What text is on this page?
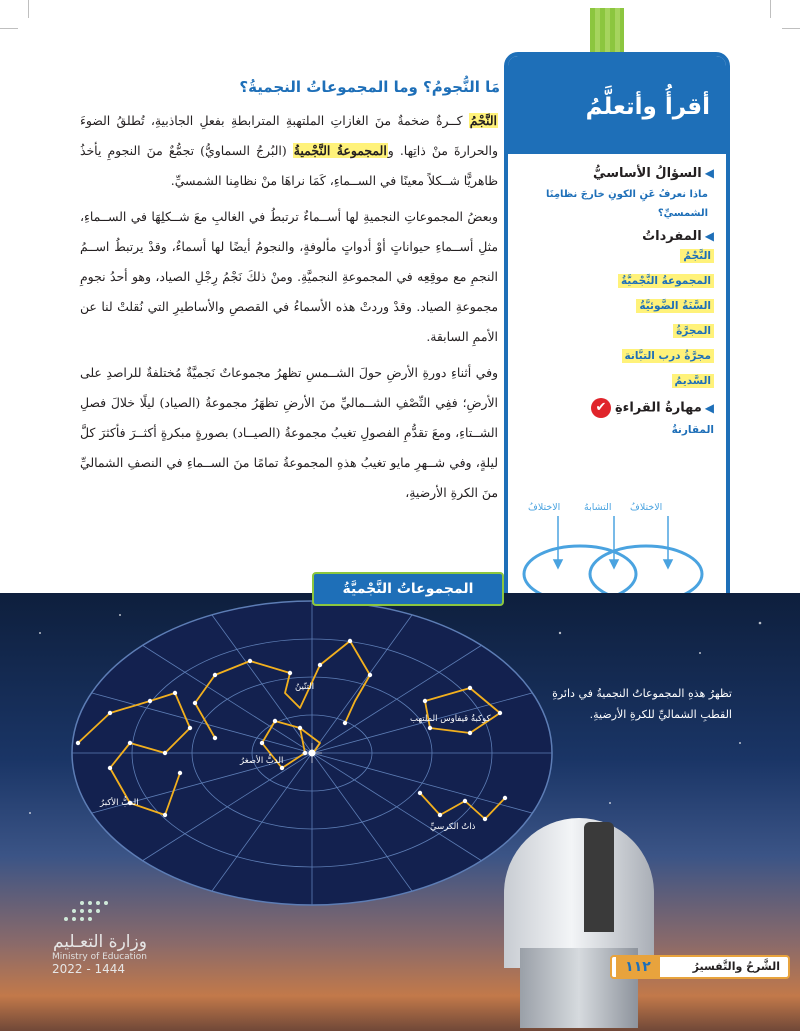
مَا النُّجومُ؟ وما المجموعاتُ النجميةُ؟

النَّجْمُ كــرةٌ ضخمةٌ منَ الغازاتِ الملتهبةِ المترابطةِ بفعلِ الجاذبيةِ، تُطلقُ الضوءَ والحرارةَ منْ ذاتِها. والمجموعةُ النَّجْميةُ (البُرجُ السماويُّ) تجمُّعٌ منَ النجومِ يأخذُ ظاهريًّا شــكلاً معينًا في الســماءِ، كَمَا نراهَا منْ نظامِنا الشمسيِّ.

وبعضُ المجموعاتِ النجميةِ لها أســماءٌ ترتبطُ في الغالبِ معَ شــكلِهَا في الســماءِ، مثلِ أســماءِ حيواناتٍ أوْ أدواتٍ مألوفةٍ، والنجومُ أيضًا لها أسماءٌ، وقدْ يرتبطُ اســمُ النجمِ مع موقِعِه في المجموعةِ النجميَّةِ. ومنْ ذلكَ نَجْمُ رِجْلِ الصياد، وهو أحدُ نجومِ مجموعةِ الصياد. وقدْ وردتْ هذه الأسماءُ في القصصِ والأساطيرِ التي نُقلتْ لنا عن الأممِ السابقة.

وفي أثناءِ دورةِ الأرضِ حولَ الشــمسِ تظهرُ مجموعاتٌ نَجميَّةٌ مُختلفةٌ للراصدِ على الأرضِ؛ ففِي النِّصْفِ الشــماليِّ منَ الأرضِ تظهَرُ مجموعةُ (الصياد) ليلًا خلالَ فصلِ الشــتاءِ، ومعَ تقدُّمِ الفصولِ تغيبُ مجموعةُ (الصيــاد) بصورةٍ مبكرةٍ أكثــرَ فأكثرَ كلَّ ليلةٍ، وفي شــهرِ مايو تغيبُ هذهِ المجموعةُ تمامًا منَ الســماءِ في النصفِ الشماليِّ منَ الكرةِ الأرضيةِ،

أقرأُ وأتعلَّمُ
◀السؤالُ الأساسيُّ
ماذا نعرفُ عَنِ الكونِ خارجَ نظامِنَا الشمسيِّ؟
◀المفرداتُ
النَّجْمُ
المجموعةُ النَّجْميَّةُ
السَّنَةُ الضَّوئيَّةُ
المجرَّةُ
مجرَّةُ درب التبَّانة
السَّديمُ
◀مهارةُ القراءةِ✔
المقارنةُ
الاختلافُ
التشابهُ
الاختلافُ
التنّينُ
كوكبةُ قيفاوس الملتهب
الدبُّ الأصغرُ
الدبُّ الأكبرُ
ذاتُ الكرسيِّ
المجموعاتُ النَّجْميَّةُ
تظهرُ هذهِ المجموعاتُ النجميةُ في دائرةِ القطبِ الشماليِّ للكرةِ الأرضيةِ.
وزارة التعـليم
Ministry of Education
2022 - 1444	١١٢	الشَّرحُ والتَّفسيرُ
